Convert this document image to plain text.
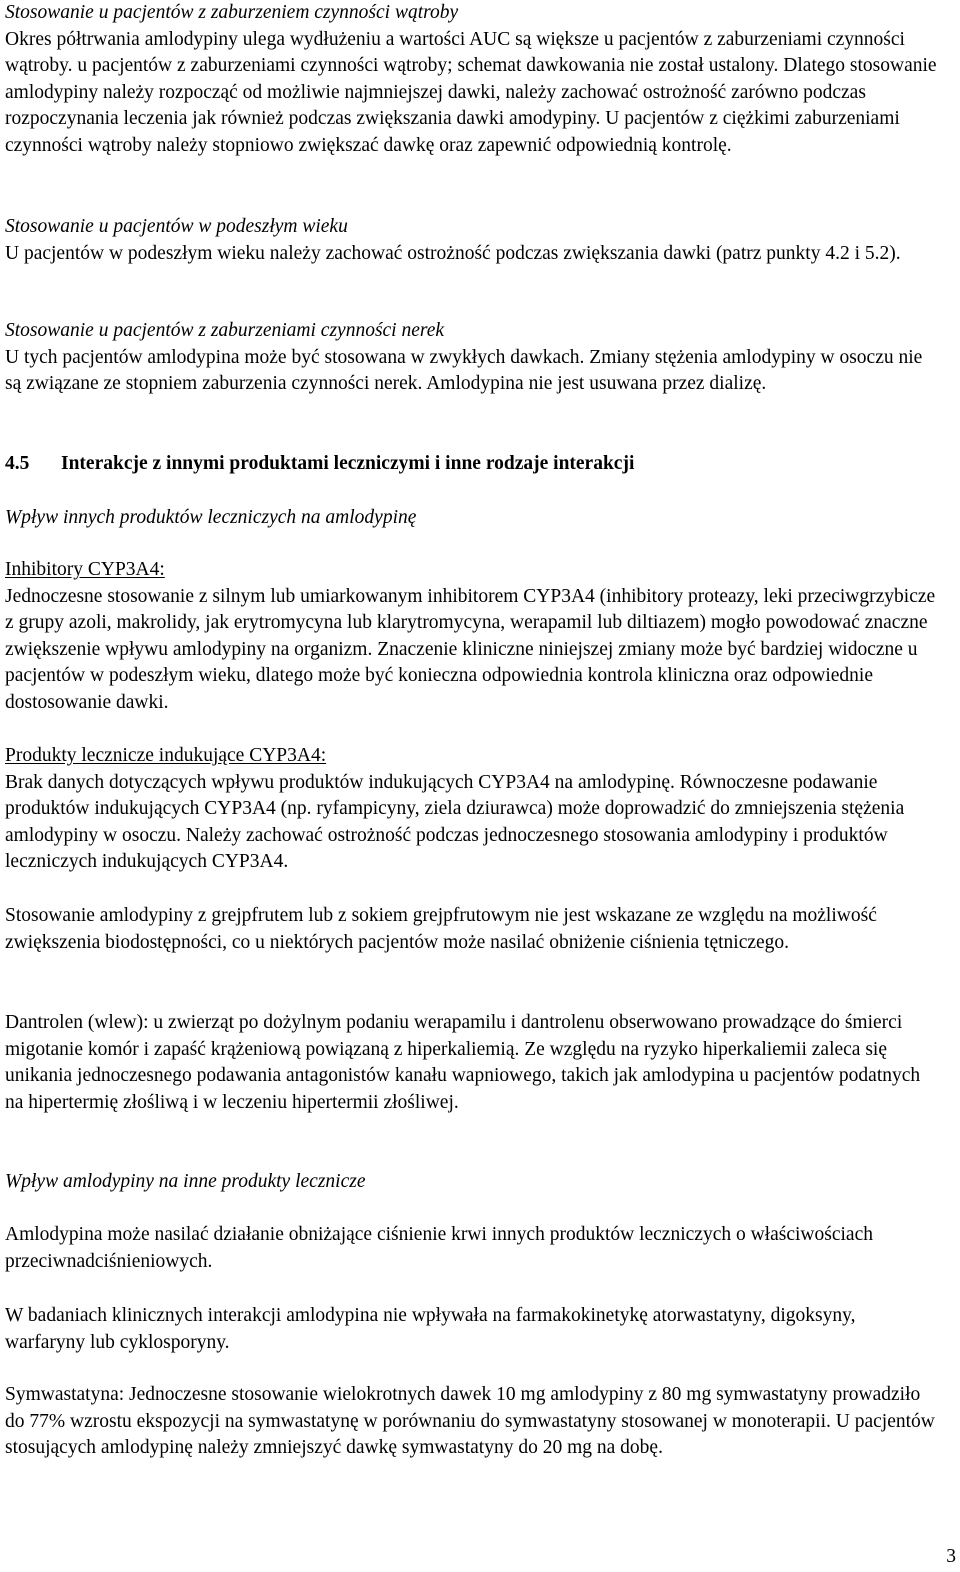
Stosowanie u pacjentów z zaburzeniem czynności wątroby

Okres półtrwania amlodypiny ulega wydłużeniu a wartości AUC są większe u pacjentów z zaburzeniami czynności wątroby. u pacjentów z zaburzeniami czynności wątroby; schemat dawkowania nie został ustalony. Dlatego stosowanie amlodypiny należy rozpocząć od możliwie najmniejszej dawki, należy zachować ostrożność zarówno podczas rozpoczynania leczenia jak również podczas zwiększania dawki amodypiny. U pacjentów z ciężkimi zaburzeniami czynności wątroby należy stopniowo zwiększać dawkę oraz zapewnić odpowiednią kontrolę.

Stosowanie u pacjentów w podeszłym wieku

U pacjentów w podeszłym wieku należy zachować ostrożność podczas zwiększania dawki (patrz punkty 4.2 i 5.2).

Stosowanie u pacjentów z zaburzeniami czynności nerek

U tych pacjentów amlodypina może być stosowana w zwykłych dawkach. Zmiany stężenia amlodypiny w osoczu nie są związane ze stopniem zaburzenia czynności nerek. Amlodypina nie jest usuwana przez dializę.

4.5 Interakcje z innymi produktami leczniczymi i inne rodzaje interakcji

Wpływ innych produktów leczniczych na amlodypinę

Inhibitory CYP3A4:

Jednoczesne stosowanie z silnym lub umiarkowanym inhibitorem CYP3A4 (inhibitory proteazy, leki przeciwgrzybicze z grupy azoli, makrolidy, jak erytromycyna lub klarytromycyna, werapamil lub diltiazem) mogło powodować znaczne zwiększenie wpływu amlodypiny na organizm. Znaczenie kliniczne niniejszej zmiany może być bardziej widoczne u pacjentów w podeszłym wieku, dlatego może być konieczna odpowiednia kontrola kliniczna oraz odpowiednie dostosowanie dawki.

Produkty lecznicze indukujące CYP3A4:

Brak danych dotyczących wpływu produktów indukujących CYP3A4 na amlodypinę. Równoczesne podawanie produktów indukujących CYP3A4 (np. ryfampicyny, ziela dziurawca) może doprowadzić do zmniejszenia stężenia amlodypiny w osoczu. Należy zachować ostrożność podczas jednoczesnego stosowania amlodypiny i produktów leczniczych indukujących CYP3A4.

Stosowanie amlodypiny z grejpfrutem lub z sokiem grejpfrutowym nie jest wskazane ze względu na możliwość zwiększenia biodostępności, co u niektórych pacjentów może nasilać obniżenie ciśnienia tętniczego.

Dantrolen (wlew): u zwierząt po dożylnym podaniu werapamilu i dantrolenu obserwowano prowadzące do śmierci migotanie komór i zapaść krążeniową powiązaną z hiperkaliemią. Ze względu na ryzyko hiperkaliemii zaleca się unikania jednoczesnego podawania antagonistów kanału wapniowego, takich jak amlodypina u pacjentów podatnych na hipertermię złośliwą i w leczeniu hipertermii złośliwej.

Wpływ amlodypiny na inne produkty lecznicze

Amlodypina może nasilać działanie obniżające ciśnienie krwi innych produktów leczniczych o właściwościach przeciwnadciśnieniowych.

W badaniach klinicznych interakcji amlodypina nie wpływała na farmakokinetykę atorwastatyny, digoksyny, warfaryny lub cyklosporyny.

Symwastatyna: Jednoczesne stosowanie wielokrotnych dawek 10 mg amlodypiny z 80 mg symwastatyny prowadziło do 77% wzrostu ekspozycji na symwastatynę w porównaniu do symwastatyny stosowanej w monoterapii. U pacjentów stosujących amlodypinę należy zmniejszyć dawkę symwastatyny do 20 mg na dobę.

3
